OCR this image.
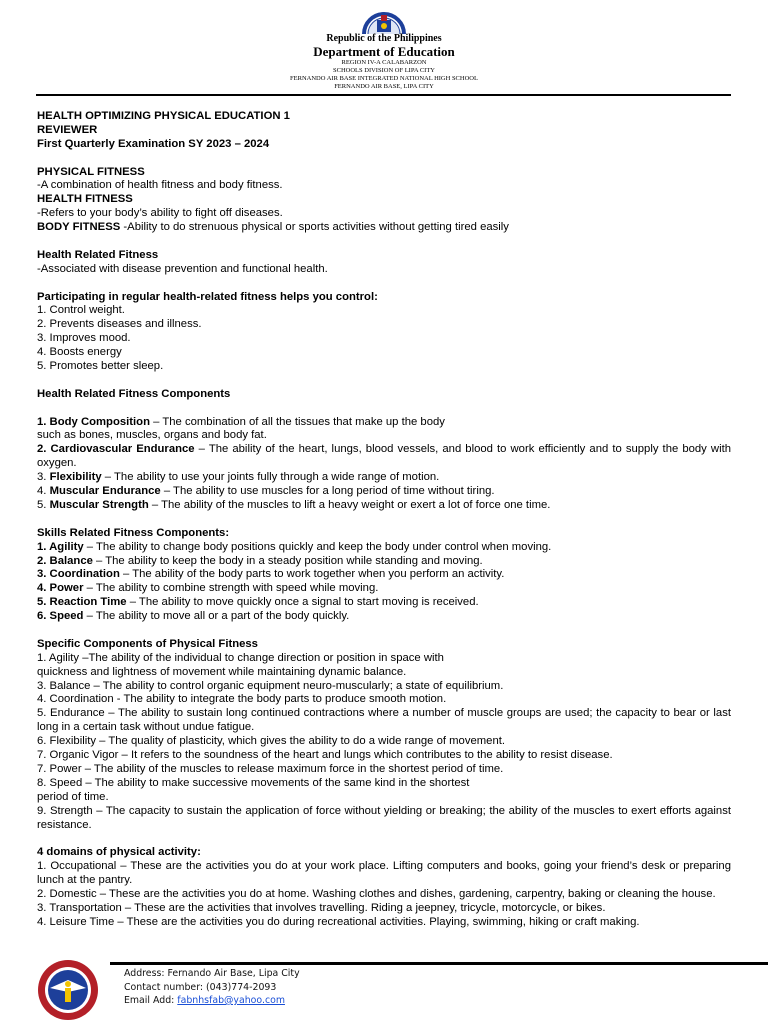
Republic of the Philippines
Department of Education
REGION IV-A CALABARZON
SCHOOLS DIVISION OF LIPA CITY
FERNANDO AIR BASE INTEGRATED NATIONAL HIGH SCHOOL
FERNANDO AIR BASE, LIPA CITY
HEALTH OPTIMIZING PHYSICAL EDUCATION 1
REVIEWER
First Quarterly Examination SY 2023 – 2024
PHYSICAL FITNESS
-A combination of health fitness and body fitness.
HEALTH FITNESS
-Refers to your body’s ability to fight off diseases.
BODY FITNESS -Ability to do strenuous physical or sports activities without getting tired easily
Health Related Fitness
-Associated with disease prevention and functional health.
Participating in regular health-related fitness helps you control:
1. Control weight.
2. Prevents diseases and illness.
3. Improves mood.
4. Boosts energy
5. Promotes better sleep.
Health Related Fitness Components
1. Body Composition – The combination of all the tissues that make up the body
such as bones, muscles, organs and body fat.
2. Cardiovascular Endurance – The ability of the heart, lungs, blood vessels, and blood to work efficiently and to supply the body with oxygen.
3. Flexibility – The ability to use your joints fully through a wide range of motion.
4. Muscular Endurance – The ability to use muscles for a long period of time without tiring.
5. Muscular Strength – The ability of the muscles to lift a heavy weight or exert a lot of force one time.
Skills Related Fitness Components:
1. Agility – The ability to change body positions quickly and keep the body under control when moving.
2. Balance – The ability to keep the body in a steady position while standing and moving.
3. Coordination – The ability of the body parts to work together when you perform an activity.
4. Power – The ability to combine strength with speed while moving.
5. Reaction Time – The ability to move quickly once a signal to start moving is received.
6. Speed – The ability to move all or a part of the body quickly.
Specific Components of Physical Fitness
1. Agility –The ability of the individual to change direction or position in space with
quickness and lightness of movement while maintaining dynamic balance.
3. Balance – The ability to control organic equipment neuro-muscularly; a state of equilibrium.
4. Coordination - The ability to integrate the body parts to produce smooth motion.
5. Endurance – The ability to sustain long continued contractions where a number of muscle groups are used; the capacity to bear or last long in a certain task without undue fatigue.
6. Flexibility – The quality of plasticity, which gives the ability to do a wide range of movement.
7. Organic Vigor – It refers to the soundness of the heart and lungs which contributes to the ability to resist disease.
7. Power – The ability of the muscles to release maximum force in the shortest period of time.
8. Speed – The ability to make successive movements of the same kind in the shortest
period of time.
9. Strength – The capacity to sustain the application of force without yielding or breaking; the ability of the muscles to exert efforts against resistance.
4 domains of physical activity:
1. Occupational – These are the activities you do at your work place. Lifting computers and books, going your friend’s desk or preparing lunch at the pantry.
2. Domestic – These are the activities you do at home. Washing clothes and dishes, gardening, carpentry, baking or cleaning the house.
3. Transportation – These are the activities that involves travelling. Riding a jeepney, tricycle, motorcycle, or bikes.
4. Leisure Time – These are the activities you do during recreational activities. Playing, swimming, hiking or craft making.
Address: Fernando Air Base, Lipa City
Contact number: (043)774-2093
Email Add: fabnhsfab@yahoo.com
